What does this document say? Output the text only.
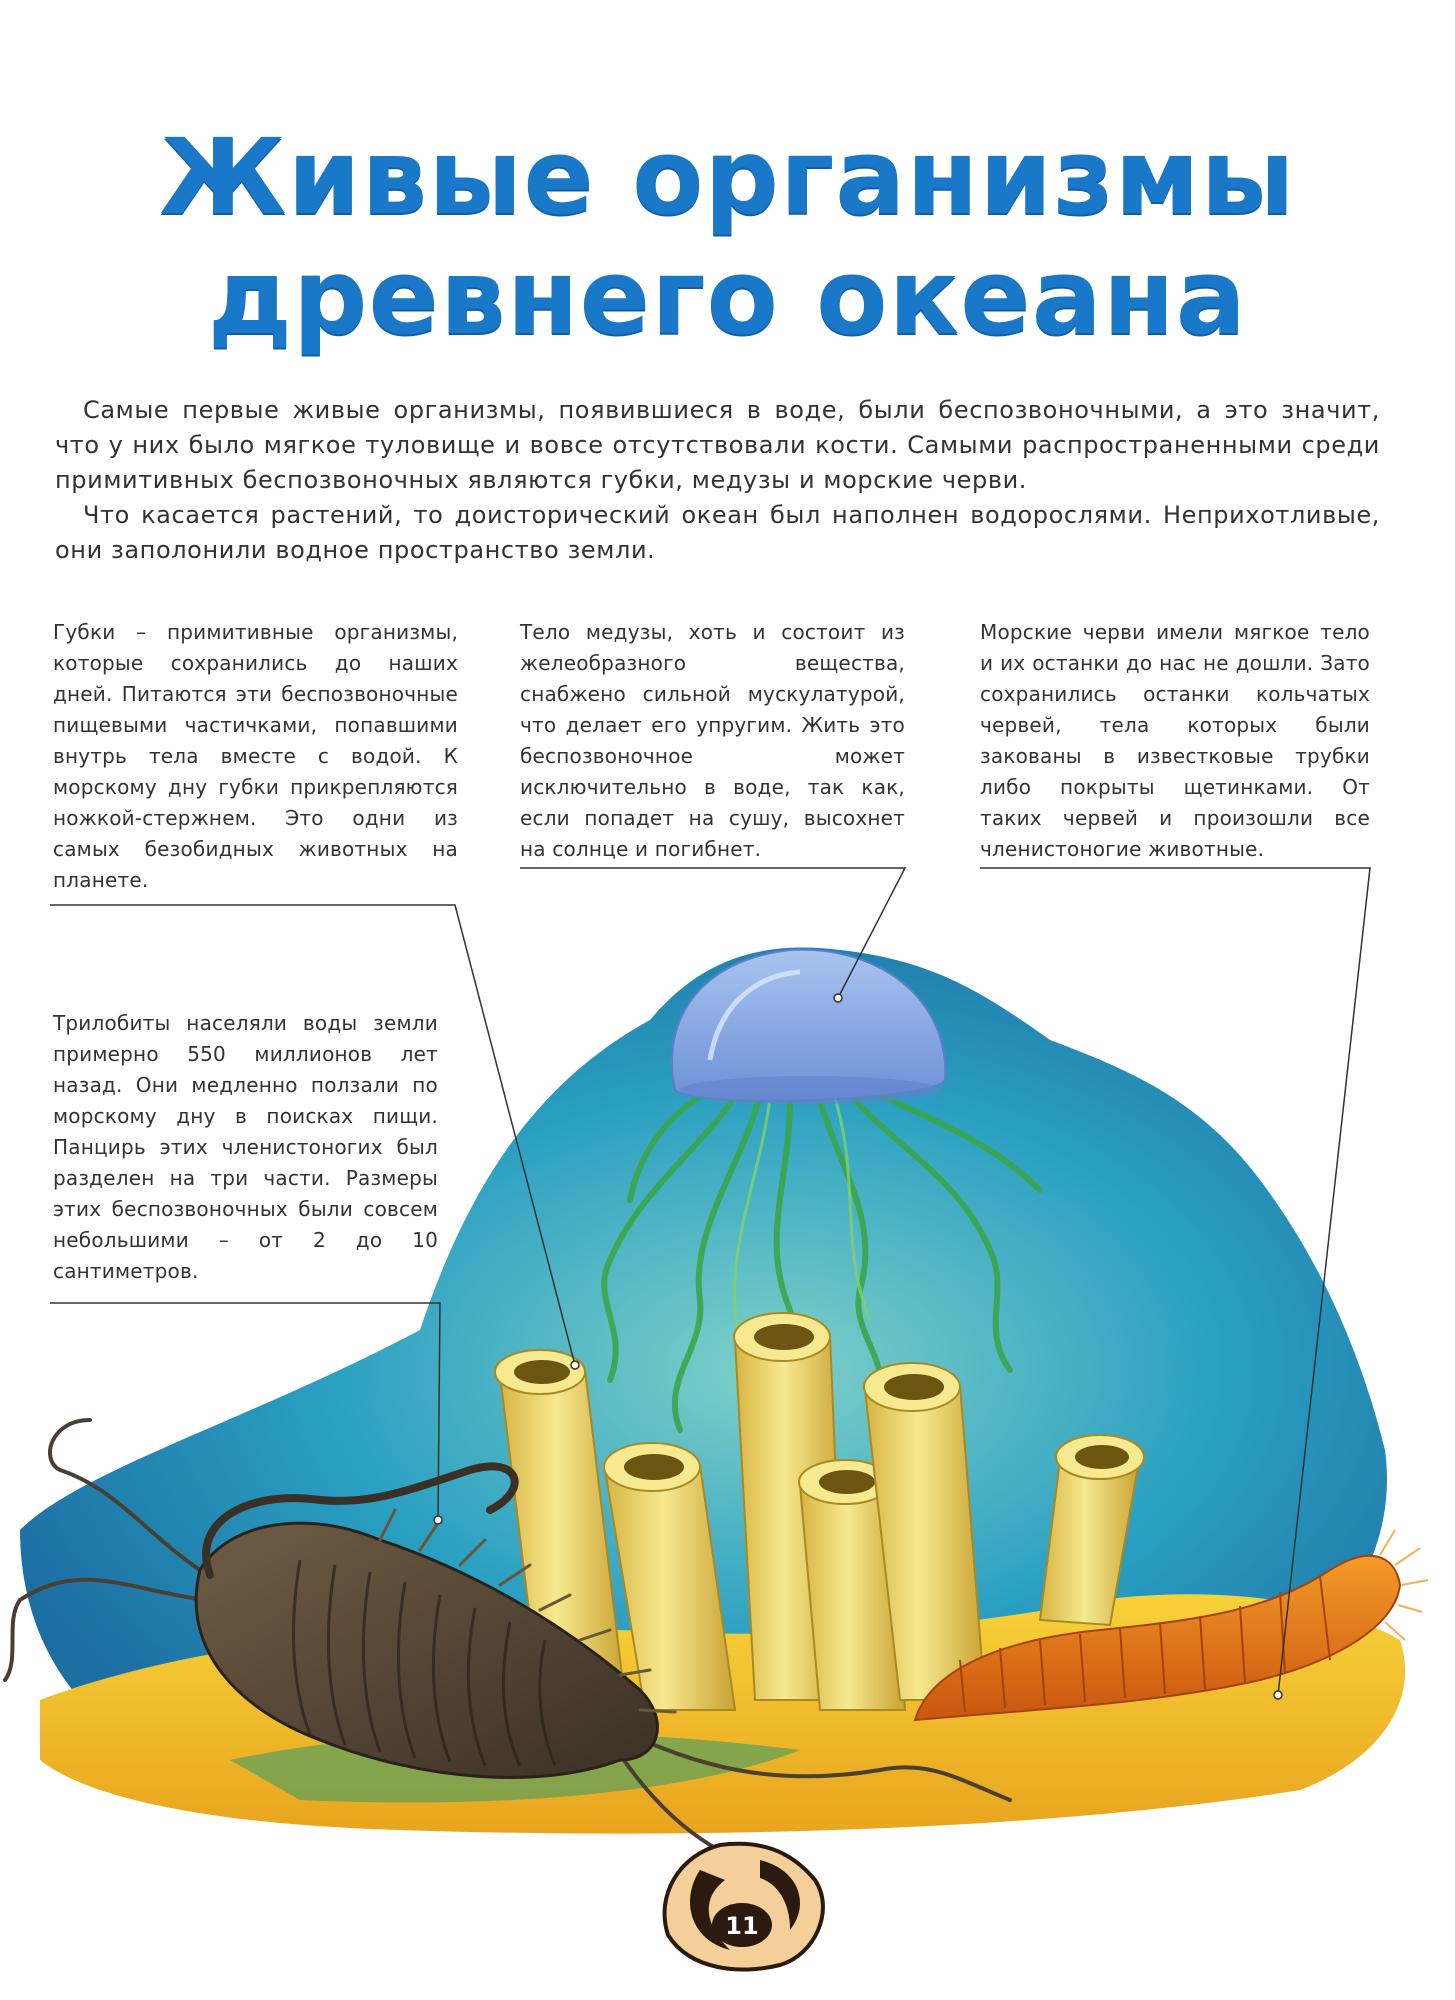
11
Живые организмы
древнего океана

Самые первые живые организмы, появившиеся в воде, были беспозвоночными, а это значит, что у них было мягкое туловище и вовсе отсутствовали кости. Самыми распространенными среди примитивных беспозвоночных являются губки, медузы и морские черви.

Что касается растений, то доисторический океан был наполнен водорослями. Неприхотливые, они заполонили водное пространство земли.

Губки – примитивные организмы, которые сохранились до наших дней. Питаются эти беспозвоночные пищевыми частичками, попавшими внутрь тела вместе с водой. К морскому дну губки прикрепляются ножкой-стержнем. Это одни из самых безобидных животных на планете.

Тело медузы, хоть и состоит из желеобразного вещества, снабжено сильной мускулатурой, что делает его упругим. Жить это беспозвоночное может исключительно в воде, так как, если попадет на сушу, высохнет на солнце и погибнет.

Морские черви имели мягкое тело и их останки до нас не дошли. Зато сохранились останки кольчатых червей, тела которых были закованы в известковые трубки либо покрыты щетинками. От таких червей и произошли все членистоногие животные.

Трилобиты населяли воды земли примерно 550 миллионов лет назад. Они медленно ползали по морскому дну в поисках пищи. Панцирь этих членистоногих был разделен на три части. Размеры этих беспозвоночных были совсем небольшими – от 2 до 10 сантиметров.
